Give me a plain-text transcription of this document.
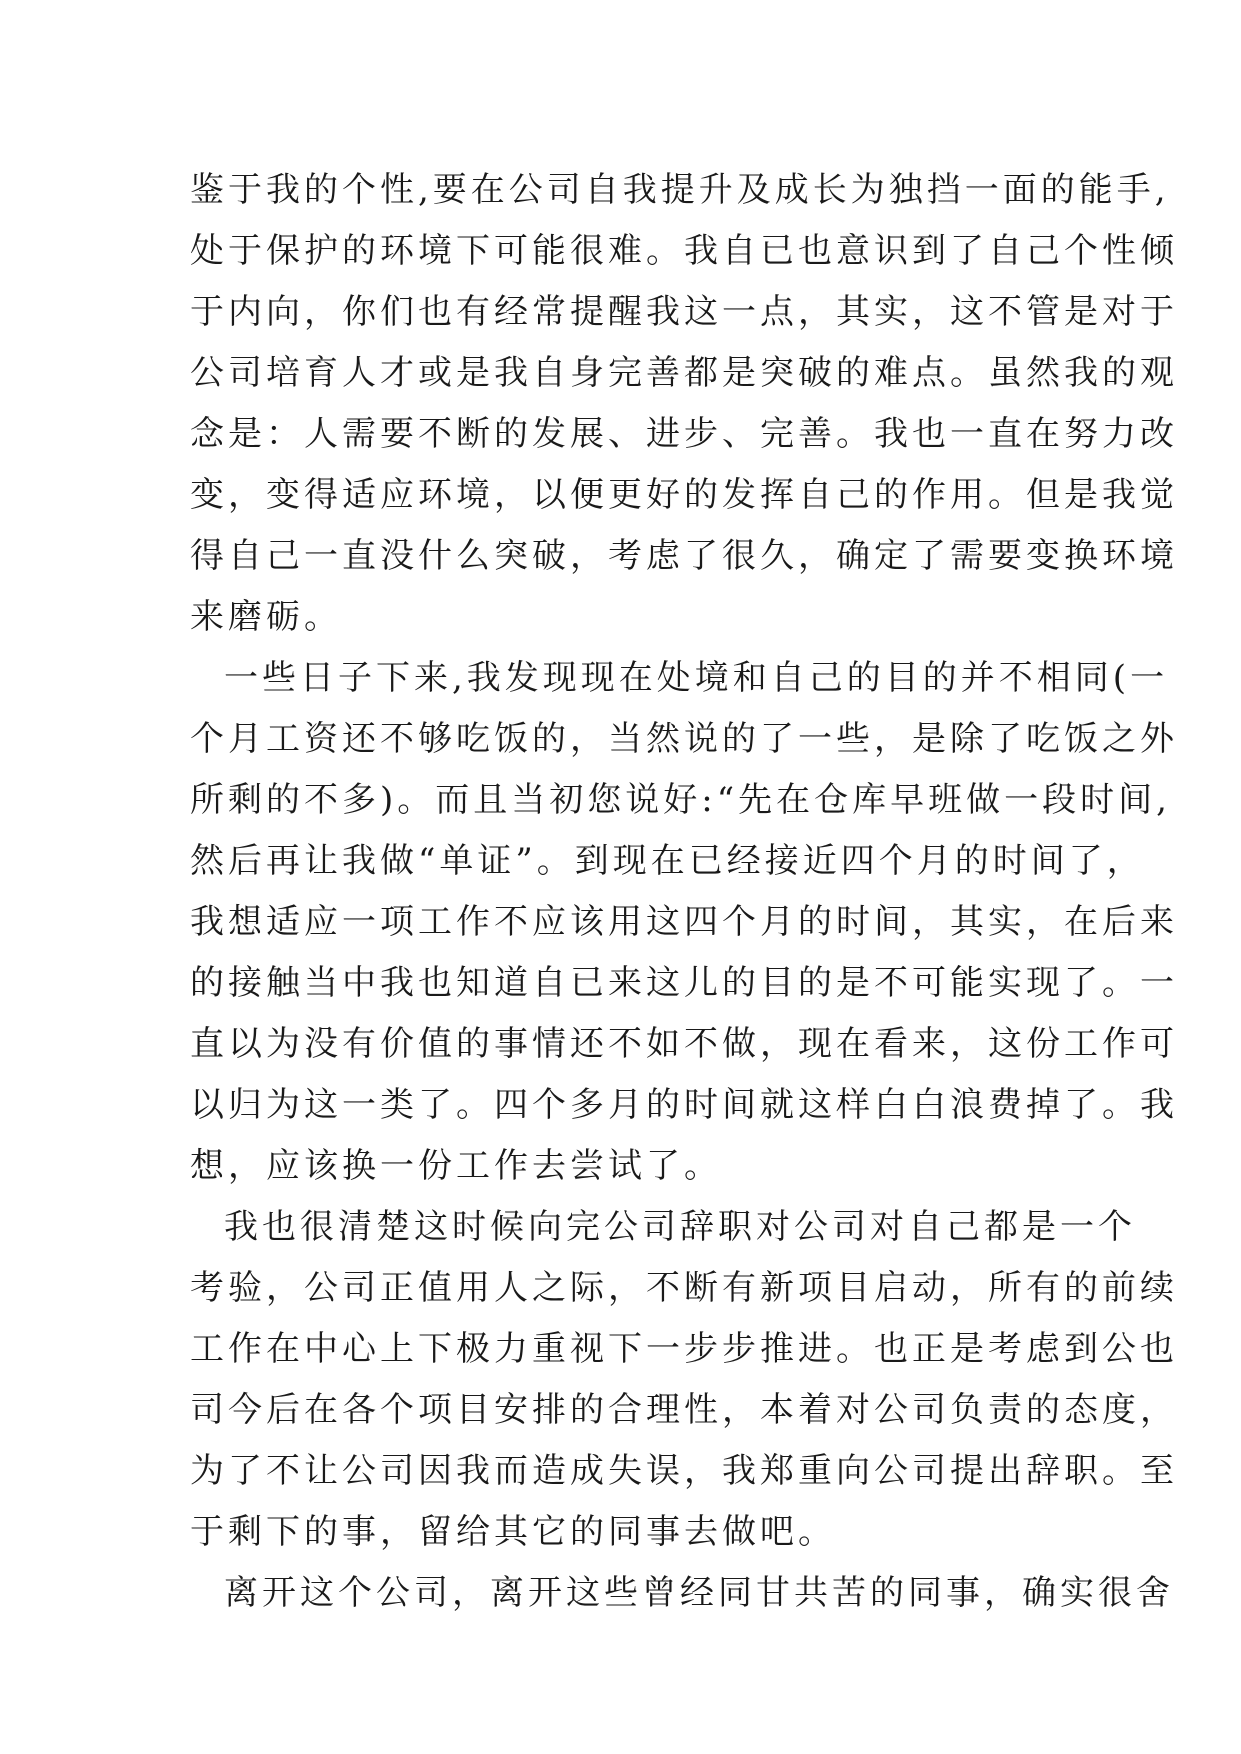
鉴于我的个性,要在公司自我提升及成长为独挡一面的能手,
处于保护的环境下可能很难。我自已也意识到了自己个性倾
于内向，你们也有经常提醒我这一点，其实，这不管是对于
公司培育人才或是我自身完善都是突破的难点。虽然我的观
念是：人需要不断的发展、进步、完善。我也一直在努力改
变，变得适应环境，以便更好的发挥自己的作用。但是我觉
得自己一直没什么突破，考虑了很久，确定了需要变换环境
来磨砺。
一些日子下来,我发现现在处境和自己的目的并不相同(一
个月工资还不够吃饭的，当然说的了一些，是除了吃饭之外
所剩的不多)。而且当初您说好:“先在仓库早班做一段时间,
然后再让我做“单证”。到现在已经接近四个月的时间了，
我想适应一项工作不应该用这四个月的时间，其实，在后来
的接触当中我也知道自已来这儿的目的是不可能实现了。一
直以为没有价值的事情还不如不做，现在看来，这份工作可
以归为这一类了。四个多月的时间就这样白白浪费掉了。我
想，应该换一份工作去尝试了。
我也很清楚这时候向完公司辞职对公司对自己都是一个
考验，公司正值用人之际，不断有新项目启动，所有的前续
工作在中心上下极力重视下一步步推进。也正是考虑到公也
司今后在各个项目安排的合理性，本着对公司负责的态度，
为了不让公司因我而造成失误，我郑重向公司提出辞职。至
于剩下的事，留给其它的同事去做吧。
离开这个公司，离开这些曾经同甘共苦的同事，确实很舍
